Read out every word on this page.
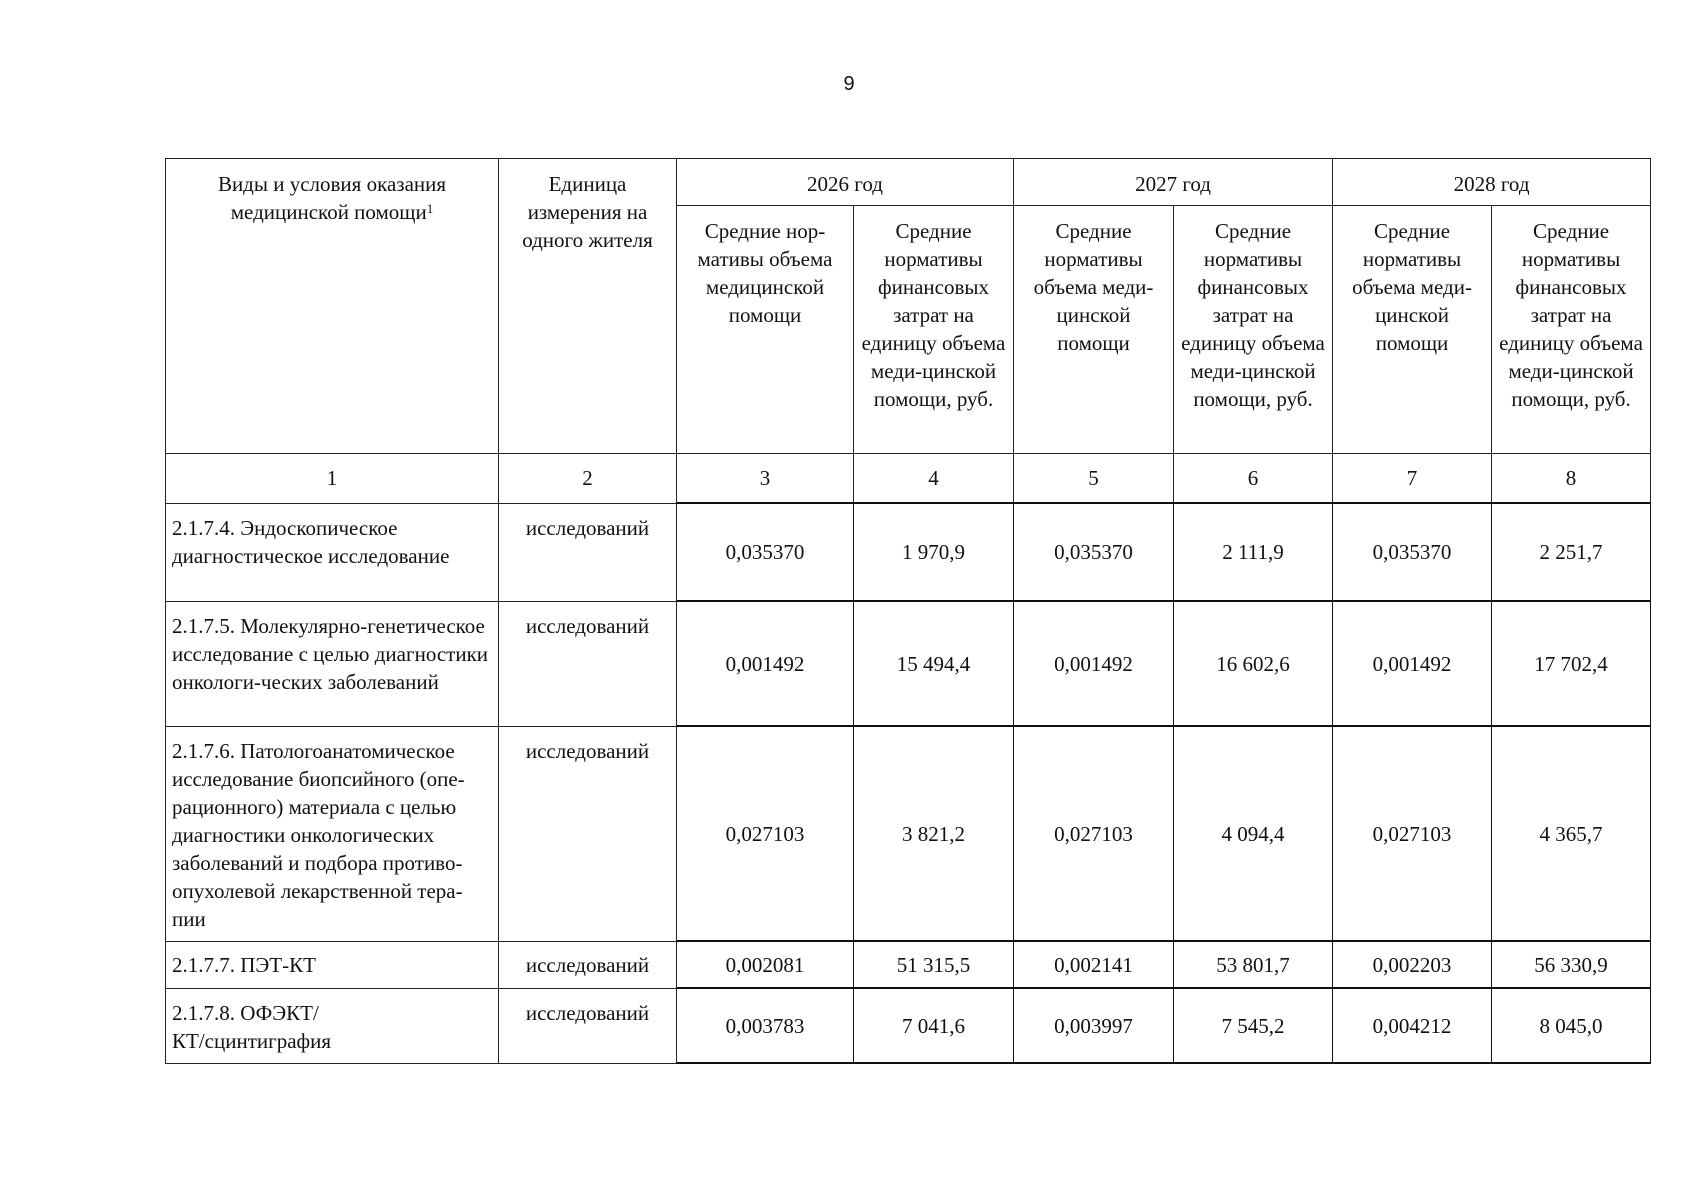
9
Виды и условия оказания медицинской помощи$^1$	Единица измерения на одного жителя	2026 год		2027 год		2028 год	
		Средние нор-мативы объема медицинской помощи	Средние нормативы финансовых затрат на единицу объема меди-цинской помощи, руб.	Средние нормативы объема меди-цинской помощи	Средние нормативы финансовых затрат на единицу объема меди-цинской помощи, руб.	Средние нормативы объема меди-цинской помощи	Средние нормативы финансовых затрат на единицу объема меди-цинской помощи, руб.
1	2	3	4	5	6	7	8
2.1.7.4. Эндоскопическое диагностическое исследование	исследований	0,035370	1 970,9	0,035370	2 111,9	0,035370	2 251,7
2.1.7.5. Молекулярно-генетическое исследование с целью диагностики онкологи-ческих заболеваний	исследований	0,001492	15 494,4	0,001492	16 602,6	0,001492	17 702,4
2.1.7.6. Патологоанатомическое исследование биопсийного (опе-рационного) материала с целью диагностики онкологических заболеваний и подбора противо-опухолевой лекарственной тера-пии	исследований	0,027103	3 821,2	0,027103	4 094,4	0,027103	4 365,7
2.1.7.7. ПЭТ-КТ	исследований	0,002081	51 315,5	0,002141	53 801,7	0,002203	56 330,9
2.1.7.8. ОФЭКТ/КТ/сцинтиграфия	исследований	0,003783	7 041,6	0,003997	7 545,2	0,004212	8 045,0
